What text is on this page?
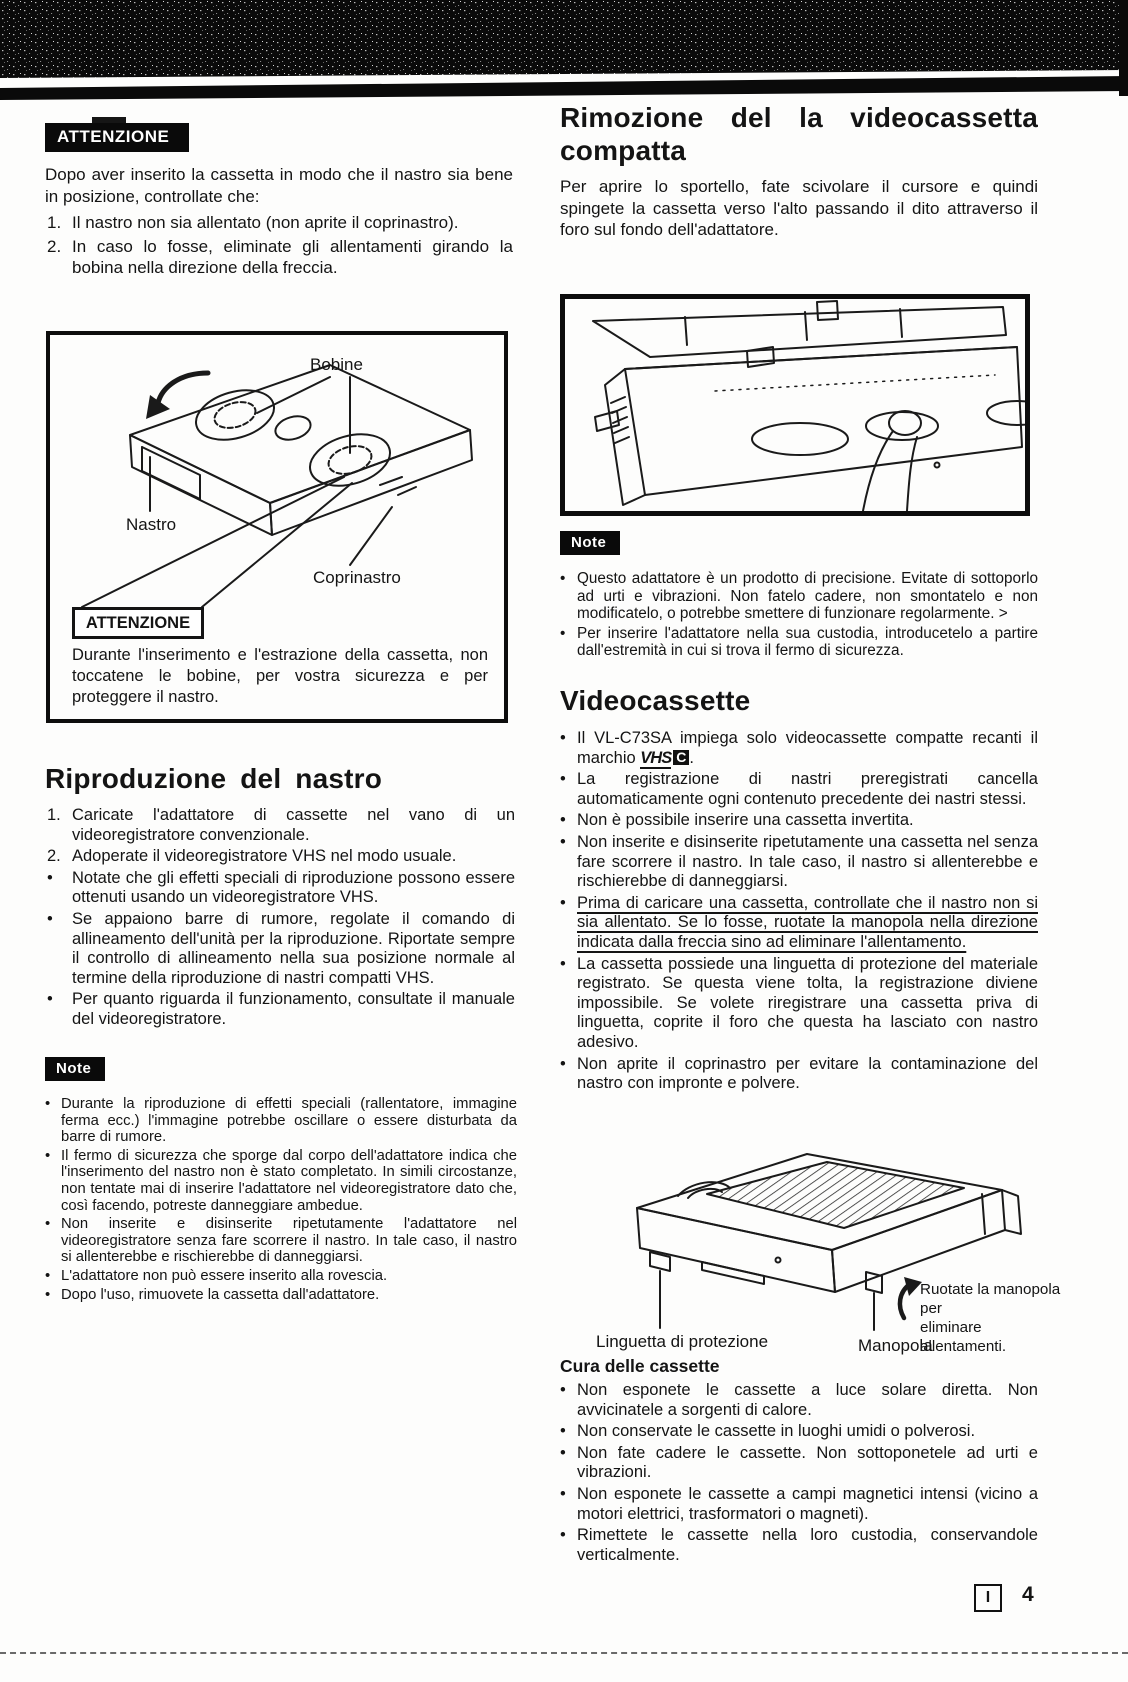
ATTENZIONE
Dopo aver inserito la cassetta in modo che il nastro sia bene in posizione, controllate che:
1. Il nastro non sia allentato (non aprite il coprinastro).
2. In caso lo fosse, eliminate gli allentamenti girando la bobina nella direzione della freccia.
Bobine
Nastro
Coprinastro
ATTENZIONE
Durante l'inserimento e l'estrazione della cassetta, non toccatene le bobine, per vostra sicurezza e per proteggere il nastro.
Riproduzione del nastro
1. Caricate l'adattatore di cassette nel vano di un videoregistratore convenzionale.
2. Adoperate il videoregistratore VHS nel modo usuale.
• Notate che gli effetti speciali di riproduzione possono essere ottenuti usando un videoregistratore VHS.
• Se appaiono barre di rumore, regolate il comando di allineamento dell'unità per la riproduzione. Riportate sempre il controllo di allineamento nella sua posizione normale al termine della riproduzione di nastri compatti VHS.
• Per quanto riguarda il funzionamento, consultate il manuale del videoregistratore.
Note
• Durante la riproduzione di effetti speciali (rallentatore, immagine ferma ecc.) l'immagine potrebbe oscillare o essere disturbata da barre di rumore.
• Il fermo di sicurezza che sporge dal corpo dell'adattatore indica che l'inserimento del nastro non è stato completato. In simili circostanze, non tentate mai di inserire l'adattatore nel videoregistratore dato che, così facendo, potreste danneggiare ambedue.
• Non inserite e disinserite ripetutamente l'adattatore nel videoregistratore senza fare scorrere il nastro. In tale caso, il nastro si allenterebbe e rischierebbe di danneggiarsi.
• L'adattatore non può essere inserito alla rovescia.
• Dopo l'uso, rimuovete la cassetta dall'adattatore.
Rimozione del la videocassetta
compatta
Per aprire lo sportello, fate scivolare il cursore e quindi spingete la cassetta verso l'alto passando il dito attraverso il foro sul fondo dell'adattatore.
Note
• Questo adattatore è un prodotto di precisione. Evitate di sottoporlo ad urti e vibrazioni. Non fatelo cadere, non smontatelo e non modificatelo, o potrebbe smettere di funzionare regolarmente. ˃
• Per inserire l'adattatore nella sua custodia, introducetelo a partire dall'estremità in cui si trova il fermo di sicurezza.
Videocassette
• Il VL-C73SA impiega solo videocassette compatte recanti il marchio VHS C .
• La registrazione di nastri preregistrati cancella automaticamente ogni contenuto precedente dei nastri stessi.
• Non è possibile inserire una cassetta invertita.
• Non inserite e disinserite ripetutamente una cassetta nel senza fare scorrere il nastro. In tale caso, il nastro si allenterebbe e rischierebbe di danneggiarsi.
• Prima di caricare una cassetta, controllate che il nastro non si sia allentato. Se lo fosse, ruotate la manopola nella direzione indicata dalla freccia sino ad eliminare l'allentamento.
• La cassetta possiede una linguetta di protezione del materiale registrato. Se questa viene tolta, la registrazione diviene impossibile. Se volete riregistrare una cassetta priva di linguetta, coprite il foro che questa ha lasciato con nastro adesivo.
• Non aprite il coprinastro per evitare la contaminazione del nastro con impronte e polvere.
Linguetta di protezione	Manopola
Ruotate la manopola per
eliminare allentamenti.
Cura delle cassette
• Non esponete le cassette a luce solare diretta. Non avvicinatele a sorgenti di calore.
• Non conservate le cassette in luoghi umidi o polverosi.
• Non fate cadere le cassette. Non sottoponetele ad urti e vibrazioni.
• Non esponete le cassette a campi magnetici intensi (vicino a motori elettrici, trasformatori o magneti).
• Rimettete le cassette nella loro custodia, conservandole verticalmente.
I	4
